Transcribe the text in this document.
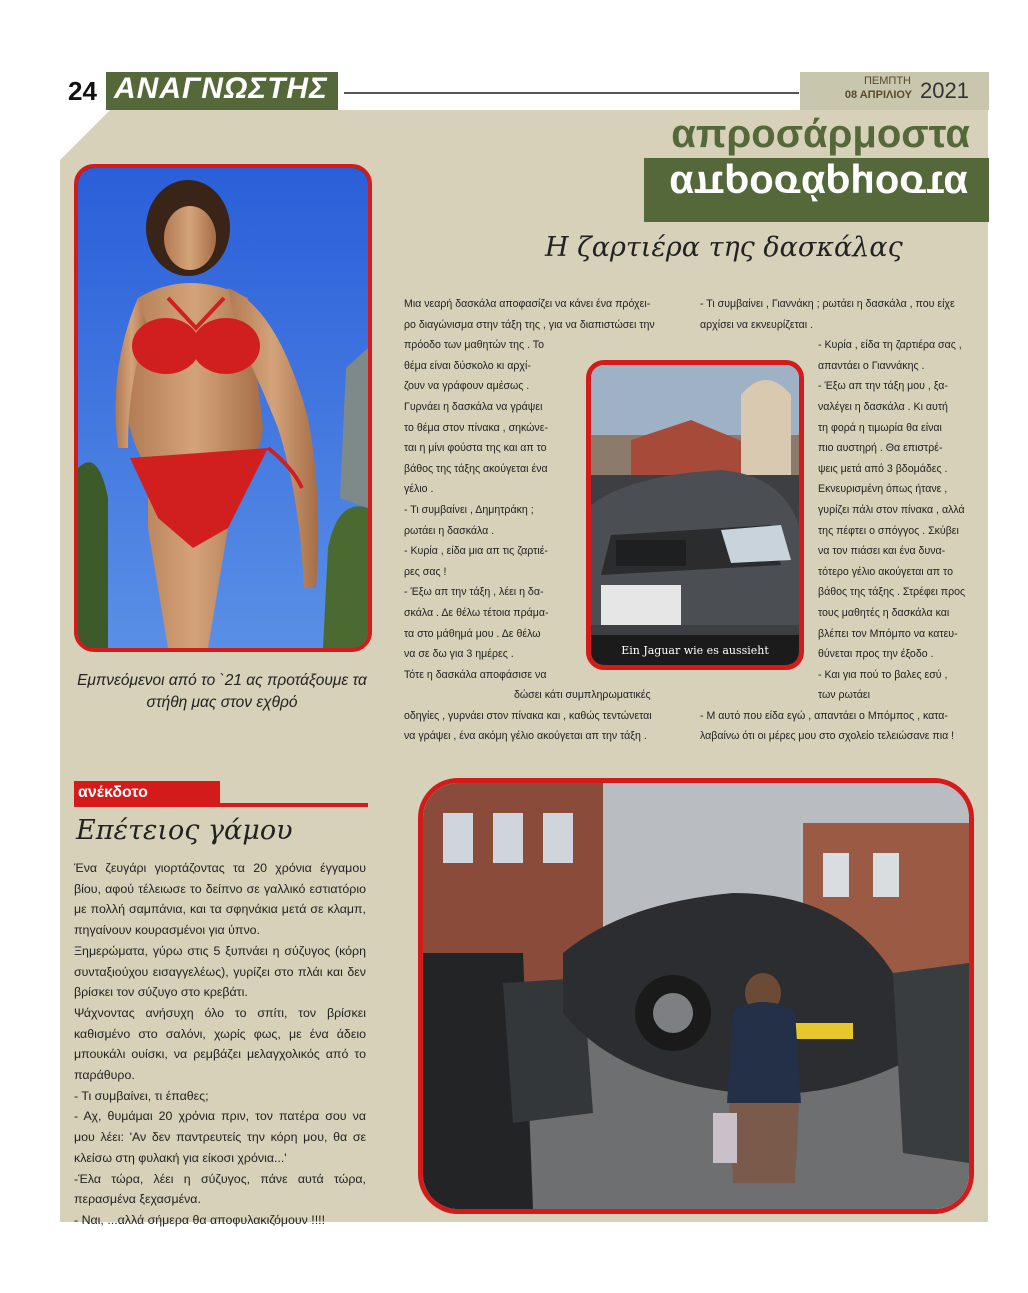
24 ΑΝΑΓΝΩΣΤΗΣ	ΠΕΜΠΤΗ
08 ΑΠΡΙΛΙΟΥ 2021
απροσάρμοστα
απροσάρμοστα
Η ζαρτιέρα της δασκάλας
Εμπνεόμενοι από το `21 ας προτάξουμε τα
στήθη μας στον εχθρό

Μια νεαρή δασκάλα αποφασίζει να κάνει ένα πρόχει-

ρο διαγώνισμα στην τάξη της , για να διαπιστώσει την

πρόοδο των μαθητών της . Το

θέμα είναι δύσκολο κι αρχί-

ζουν να γράφουν αμέσως .

Γυρνάει η δασκάλα να γράψει

το θέμα στον πίνακα , σηκώνε-

ται η μίνι φούστα της και απ το

βάθος της τάξης ακούγεται ένα

γέλιο .

- Τι συμβαίνει , Δημητράκη ;

ρωτάει η δασκάλα .

- Κυρία , είδα μια απ τις ζαρτιέ-

ρες σας !

- Έξω απ την τάξη , λέει η δα-

σκάλα . Δε θέλω τέτοια πράμα-

τα στο μάθημά μου . Δε θέλω

να σε δω για 3 ημέρες .

Τότε η δασκάλα αποφάσισε να

δώσει κάτι συμπληρωματικές

οδηγίες , γυρνάει στον πίνακα και , καθώς τεντώνεται

να γράψει , ένα ακόμη γέλιο ακούγεται απ την τάξη .

- Τι συμβαίνει , Γιαννάκη ; ρωτάει η δασκάλα , που είχε

αρχίσει να εκνευρίζεται .

- Κυρία , είδα τη ζαρτιέρα σας ,

απαντάει ο Γιαννάκης .

- Έξω απ την τάξη μου , ξα-

ναλέγει η δασκάλα . Κι αυτή

τη φορά η τιμωρία θα είναι

πιο αυστηρή . Θα επιστρέ-

ψεις μετά από 3 βδομάδες .

Εκνευρισμένη όπως ήτανε ,

γυρίζει πάλι στον πίνακα , αλλά

της πέφτει ο σπόγγος . Σκύβει

να τον πιάσει και ένα δυνα-

τότερο γέλιο ακούγεται απ το

βάθος της τάξης . Στρέφει προς

τους μαθητές η δασκάλα και

βλέπει τον Μπόμπο να κατευ-

θύνεται προς την έξοδο .

- Και για πού το βαλες εσύ ,

των ρωτάει

- Μ αυτό που είδα εγώ , απαντάει ο Μπόμπος , κατα-

λαβαίνω ότι οι μέρες μου στο σχολείο τελειώσανε πια !

Ein Jaguar wie es aussieht
ανέκδοτο
Επέτειος γάμου

Ένα ζευγάρι γιορτάζοντας τα 20 χρόνια έγγαμου βίου, αφού τέλειωσε το δείπνο σε γαλλικό εστιατόριο με πολλή σαμπάνια, και τα σφηνάκια μετά σε κλαμπ, πηγαίνουν κουρασμένοι για ύπνο.

Ξημερώματα, γύρω στις 5 ξυπνάει η σύζυγος (κόρη συνταξιούχου εισαγγελέως), γυρίζει στο πλάι και δεν βρίσκει τον σύζυγο στο κρεβάτι.

Ψάχνοντας ανήσυχη όλο το σπίτι, τον βρίσκει καθισμένο στο σαλόνι, χωρίς φως, με ένα άδειο μπουκάλι ουίσκι, να ρεμβάζει μελαγχολικός από το παράθυρο.

- Τι συμβαίνει, τι έπαθες;

- Αχ, θυμάμαι 20 χρόνια πριν, τον πατέρα σου να μου λέει: 'Αν δεν παντρευτείς την κόρη μου, θα σε κλείσω στη φυλακή για είκοσι χρόνια...'

-Έλα τώρα, λέει η σύζυγος, πάνε αυτά τώρα, περασμένα ξεχασμένα.

- Ναι, ...αλλά σήμερα θα αποφυλακιζόμουν !!!!
